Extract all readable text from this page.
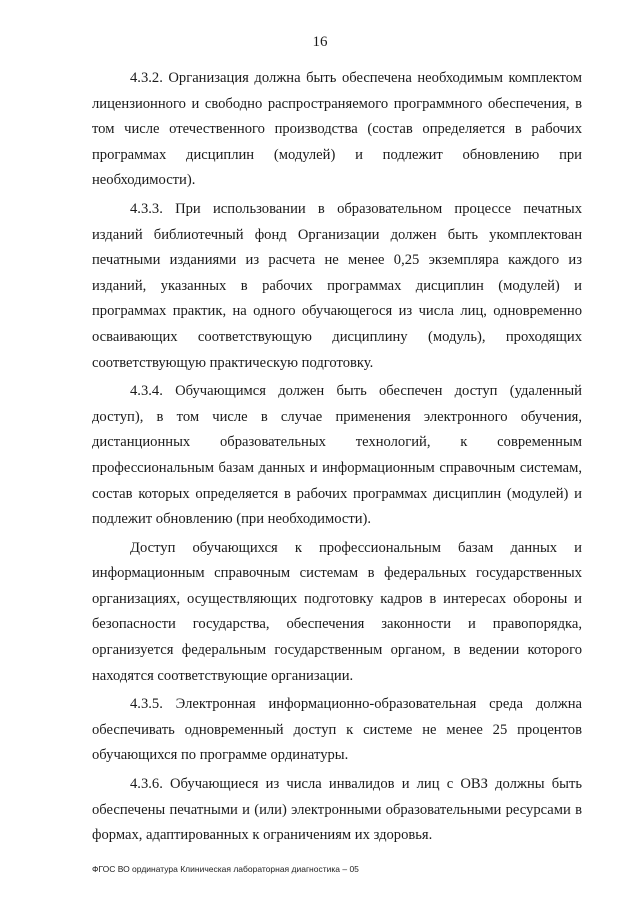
16

4.3.2. Организация должна быть обеспечена необходимым комплектом лицензионного и свободно распространяемого программного обеспечения, в том числе отечественного производства (состав определяется в рабочих программах дисциплин (модулей) и подлежит обновлению при необходимости).

4.3.3. При использовании в образовательном процессе печатных изданий библиотечный фонд Организации должен быть укомплектован печатными изданиями из расчета не менее 0,25 экземпляра каждого из изданий, указанных в рабочих программах дисциплин (модулей) и программах практик, на одного обучающегося из числа лиц, одновременно осваивающих соответствующую дисциплину (модуль), проходящих соответствующую практическую подготовку.

4.3.4. Обучающимся должен быть обеспечен доступ (удаленный доступ), в том числе в случае применения электронного обучения, дистанционных образовательных технологий, к современным профессиональным базам данных и информационным справочным системам, состав которых определяется в рабочих программах дисциплин (модулей) и подлежит обновлению (при необходимости).

Доступ обучающихся к профессиональным базам данных и информационным справочным системам в федеральных государственных организациях, осуществляющих подготовку кадров в интересах обороны и безопасности государства, обеспечения законности и правопорядка, организуется федеральным государственным органом, в ведении которого находятся соответствующие организации.

4.3.5. Электронная информационно-образовательная среда должна обеспечивать одновременный доступ к системе не менее 25 процентов обучающихся по программе ординатуры.

4.3.6. Обучающиеся из числа инвалидов и лиц с ОВЗ должны быть обеспечены печатными и (или) электронными образовательными ресурсами в формах, адаптированных к ограничениям их здоровья.

ФГОС ВО ординатура Клиническая лабораторная диагностика – 05
